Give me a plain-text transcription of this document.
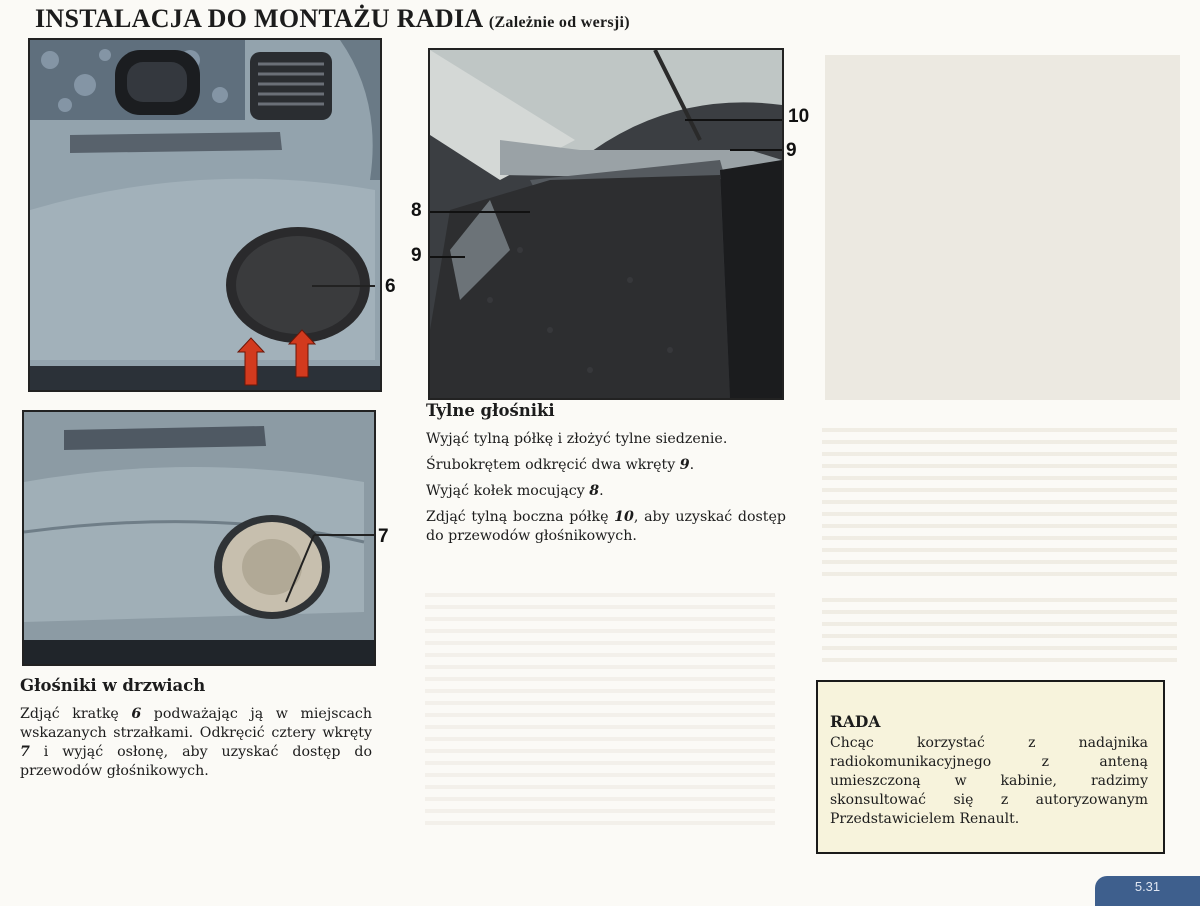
INSTALACJA DO MONTAŻU RADIA (Zależnie od wersji)
6
10
9
8
9
7
Tylne głośniki
Wyjąć tylną półkę i złożyć tylne siedzenie.
Śrubokrętem odkręcić dwa wkręty 9.
Wyjąć kołek mocujący 8.
Zdjąć tylną boczna półkę 10, aby uzyskać dostęp do przewodów głośnikowych.
Głośniki w drzwiach
Zdjąć kratkę 6 podważając ją w miejscach wskazanych strzałkami. Odkręcić cztery wkręty 7 i wyjąć osłonę, aby uzyskać dostęp do przewodów głośnikowych.
RADA
Chcąc korzystać z nadajnika radiokomunikacyjnego z anteną umieszczoną w kabinie, radzimy skonsultować się z autoryzowanym Przedstawicielem Renault.
5.31
